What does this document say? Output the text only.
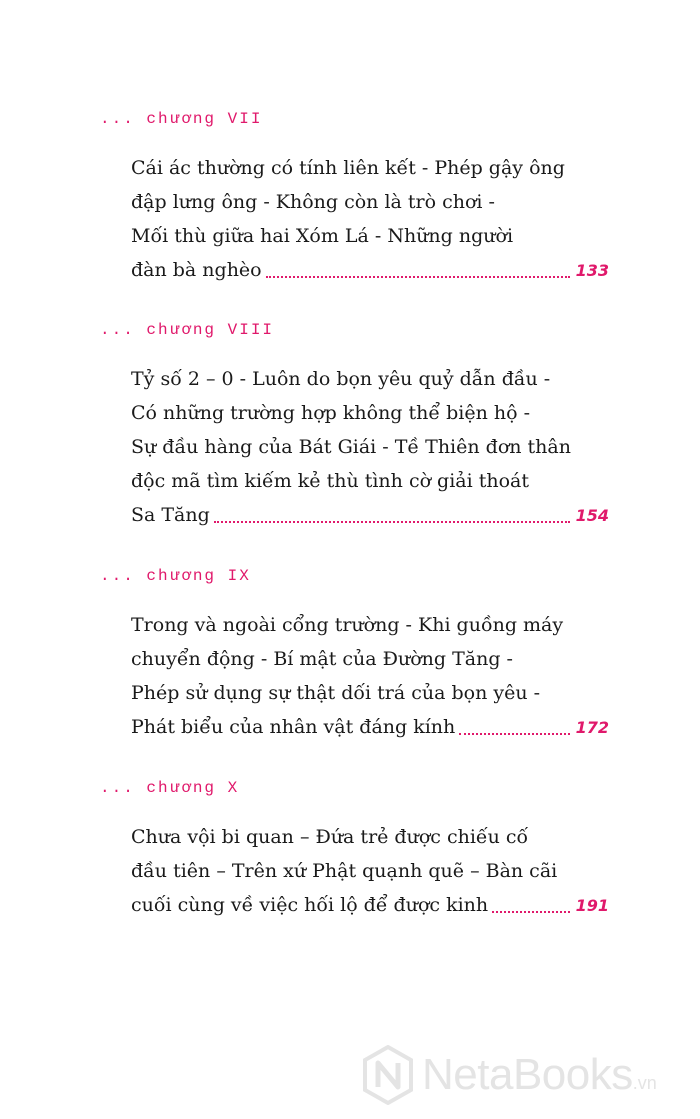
... chương VII
Cái ác thường có tính liên kết - Phép gậy ông
đập lưng ông - Không còn là trò chơi -
Mối thù giữa hai Xóm Lá - Những người
đàn bà nghèo	133
... chương VIII
Tỷ số 2 – 0 - Luôn do bọn yêu quỷ dẫn đầu -
Có những trường hợp không thể biện hộ -
Sự đầu hàng của Bát Giái - Tề Thiên đơn thân
độc mã tìm kiếm kẻ thù tình cờ giải thoát
Sa Tăng	154
... chương IX
Trong và ngoài cổng trường - Khi guồng máy
chuyển động - Bí mật của Đường Tăng -
Phép sử dụng sự thật dối trá của bọn yêu -
Phát biểu của nhân vật đáng kính	172
... chương X
Chưa vội bi quan – Đứa trẻ được chiếu cố
đầu tiên – Trên xứ Phật quạnh quẽ – Bàn cãi
cuối cùng về việc hối lộ để được kinh	191
NetaBooks .vn
